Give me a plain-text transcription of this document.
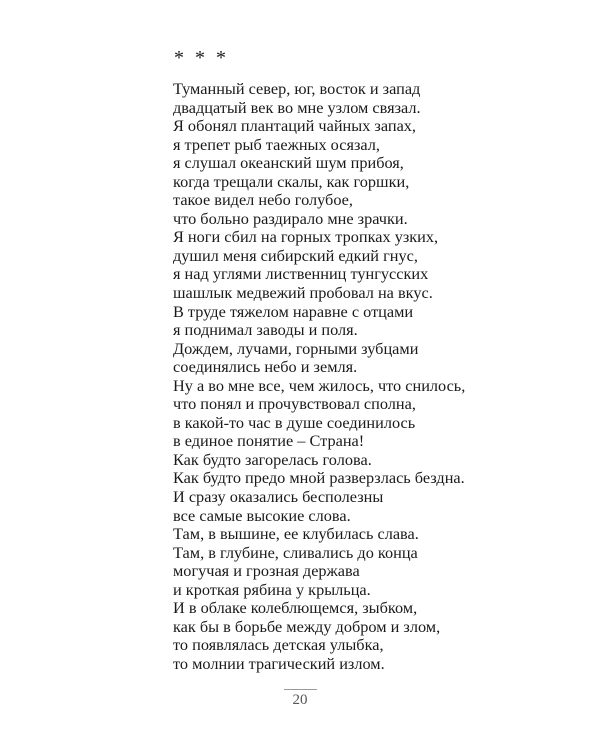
* * *
Туманный север, юг, восток и запад
двадцатый век во мне узлом связал.
Я обонял плантаций чайных запах,
я трепет рыб таежных осязал,
я слушал океанский шум прибоя,
когда трещали скалы, как горшки,
такое видел небо голубое,
что больно раздирало мне зрачки.
Я ноги сбил на горных тропках узких,
душил меня сибирский едкий гнус,
я над углями лиственниц тунгусских
шашлык медвежий пробовал на вкус.
В труде тяжелом наравне с отцами
я поднимал заводы и поля.
Дождем, лучами, горными зубцами
соединялись небо и земля.
Ну а во мне все, чем жилось, что снилось,
что понял и прочувствовал сполна,
в какой-то час в душе соединилось
в единое понятие – Страна!
Как будто загорелась голова.
Как будто предо мной разверзлась бездна.
И сразу оказались бесполезны
все самые высокие слова.
Там, в вышине, ее клубилась слава.
Там, в глубине, сливались до конца
могучая и грозная держава
и кроткая рябина у крыльца.
И в облаке колеблющемся, зыбком,
как бы в борьбе между добром и злом,
то появлялась детская улыбка,
то молнии трагический излом.
20
